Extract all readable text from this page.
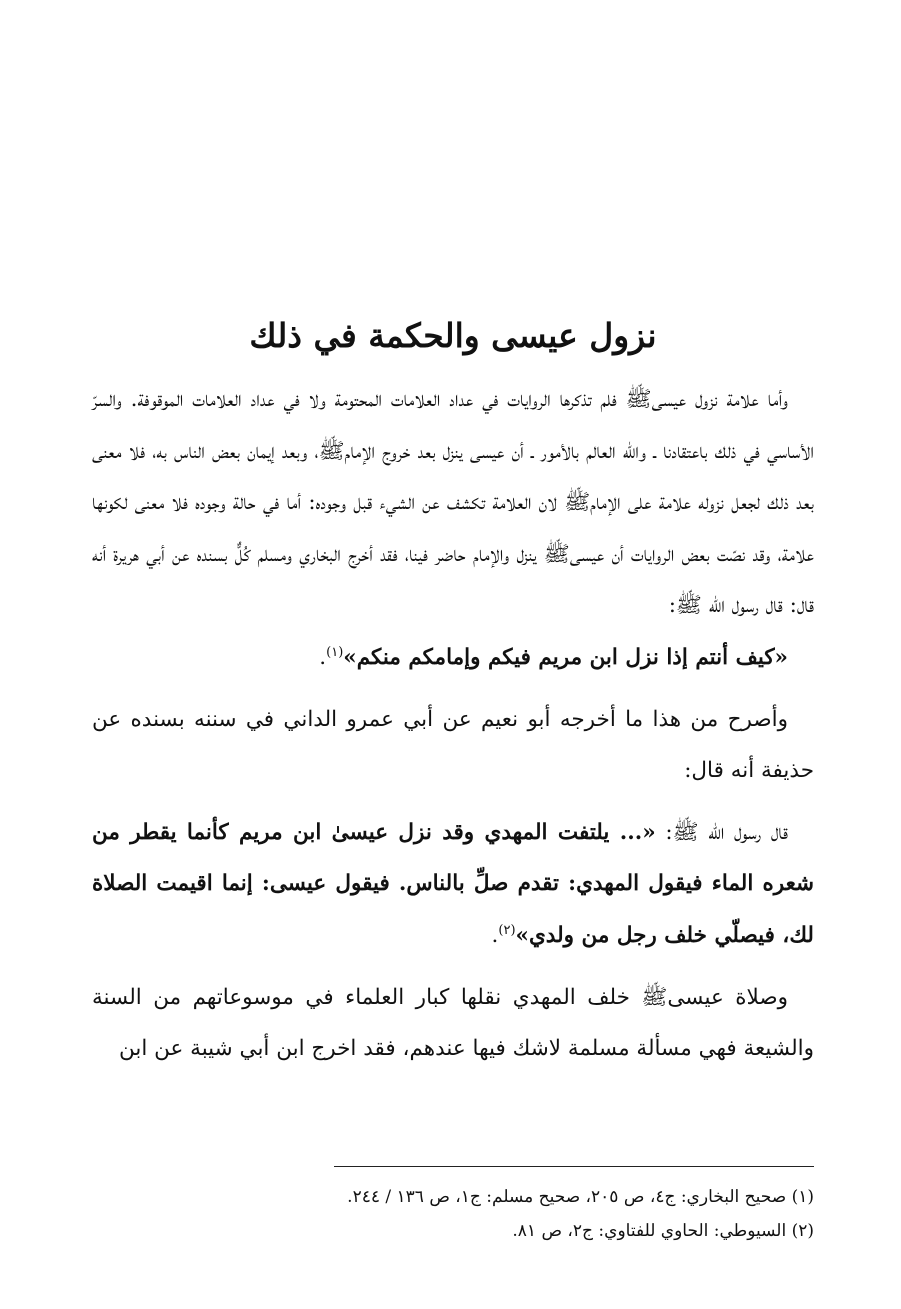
نزول عيسى والحكمة في ذلك

وأما علامة نزول عيسىﷺ فلم تذكرها الروايات في عداد العلامات المحتومة ولا في عداد العلامات الموقوفة. والسرّ الأساسي في ذلك باعتقادنا ـ والله العالم بالأمور ـ أن عيسى ينزل بعد خروج الإمامﷺ، وبعد إيمان بعض الناس به، فلا معنى بعد ذلك لجعل نزوله علامة على الإمامﷺ لان العلامة تكشف عن الشيء قبل وجوده: أما في حالة وجوده فلا معنى لكونها علامة، وقد نصّت بعض الروايات أن عيسىﷺ ينزل والإمام حاضر فينا، فقد أخرج البخاري ومسلم كُلٌّ بسنده عن أبي هريرة أنه قال: قال رسول الله ﷺ:

«كيف أنتم إذا نزل ابن مريم فيكم وإمامكم منكم»$^{(١)}$.

وأصرح من هذا ما أخرجه أبو نعيم عن أبي عمرو الداني في سننه بسنده عن حذيفة أنه قال:

قال رسول الله ﷺ: «... يلتفت المهدي وقد نزل عيسىٰ ابن مريم كأنما يقطر من شعره الماء فيقول المهدي: تقدم صلِّ بالناس. فيقول عيسى: إنما اقيمت الصلاة لك، فيصلّي خلف رجل من ولدي»$^{(٢)}$.

وصلاة عيسىﷺ خلف المهدي نقلها كبار العلماء في موسوعاتهم من السنة والشيعة فهي مسألة مسلمة لاشك فيها عندهم، فقد اخرج ابن أبي شيبة عن ابن

(١) صحيح البخاري: ج٤، ص ٢٠٥، صحيح مسلم: ج١، ص ١٣٦ / ٢٤٤.

(٢) السيوطي: الحاوي للفتاوي: ج٢، ص ٨١.
